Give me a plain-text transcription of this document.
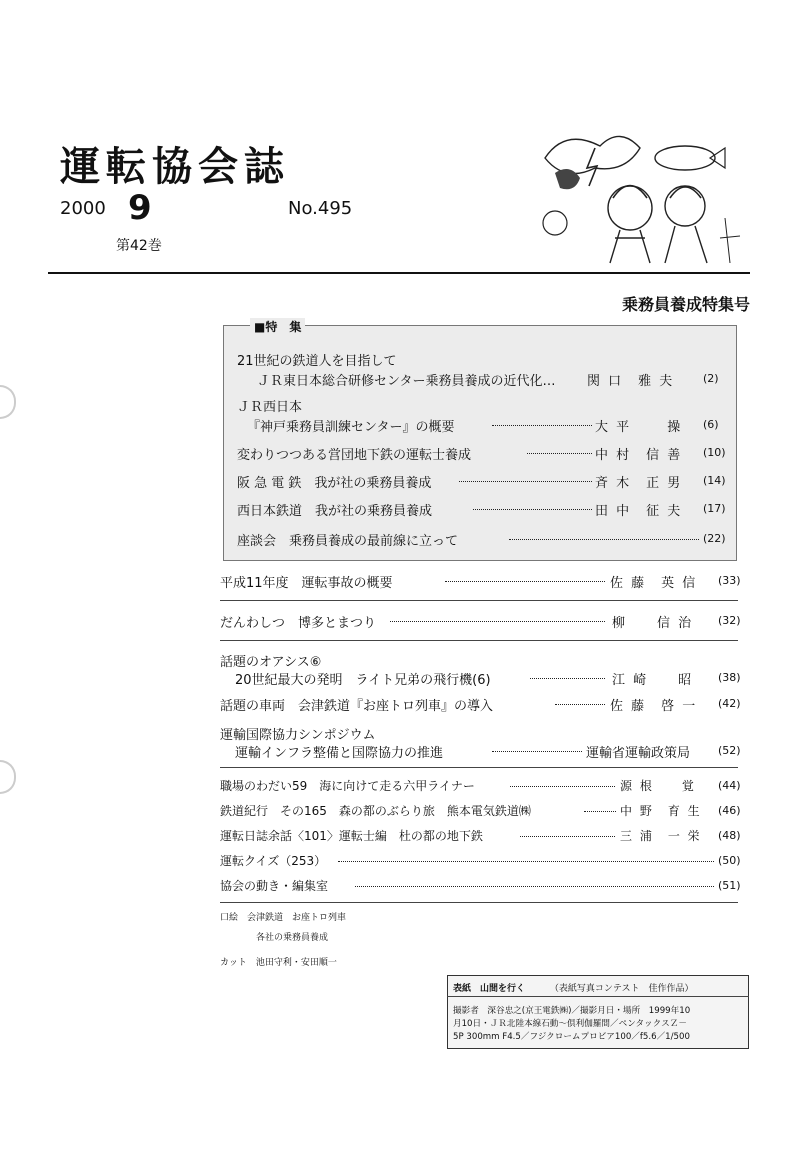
運転協会誌
2000 9	No.495
第42巻
乗務員養成特集号
■特　集
21世紀の鉄道人を目指して
ＪＲ東日本総合研修センター乗務員養成の近代化… 関 口　雅 夫	(2)
ＪＲ西日本
『神戸乗務員訓練センター』の概要	大 平　　 操 (6)
変わりつつある営団地下鉄の運転士養成	中 村　信 善 (10)
阪 急 電 鉄　我が社の乗務員養成	斉 木　正 男 (14)
西日本鉄道　我が社の乗務員養成	田 中　征 夫 (17)
座談会　乗務員養成の最前線に立って	(22)
平成11年度　運転事故の概要	佐 藤　英 信 (33)
だんわしつ　博多とまつり	柳　　信 治 (32)
話題のオアシス⑥
20世紀最大の発明　ライト兄弟の飛行機(6)	江 崎　　昭 (38)
話題の車両　会津鉄道『お座トロ列車』の導入	佐 藤　啓 一 (42)
運輸国際協力シンポジウム
運輸インフラ整備と国際協力の推進	運輸省運輸政策局	(52)
職場のわだい59　海に向けて走る六甲ライナー	源 根　　覚 (44)
鉄道紀行　その165　森の都のぶらり旅　熊本電気鉄道㈱	中 野　育 生 (46)
運転日誌余話〈101〉運転士編　杜の都の地下鉄	三 浦　一 栄 (48)
運転クイズ（253）	(50)
協会の動き・編集室	(51)
口絵　会津鉄道　お座トロ列車
各社の乗務員養成
カット　池田守利・安田順一
表紙　山間を行く	（表紙写真コンテスト　佳作作品）
撮影者　深谷忠之(京王電鉄㈱)／撮影月日・場所　1999年10
月10日・ＪＲ北陸本線石動～倶利伽羅間／ペンタックスＺ－
5P 300mm F4.5／フジクロームプロビア100／f5.6／1/500
